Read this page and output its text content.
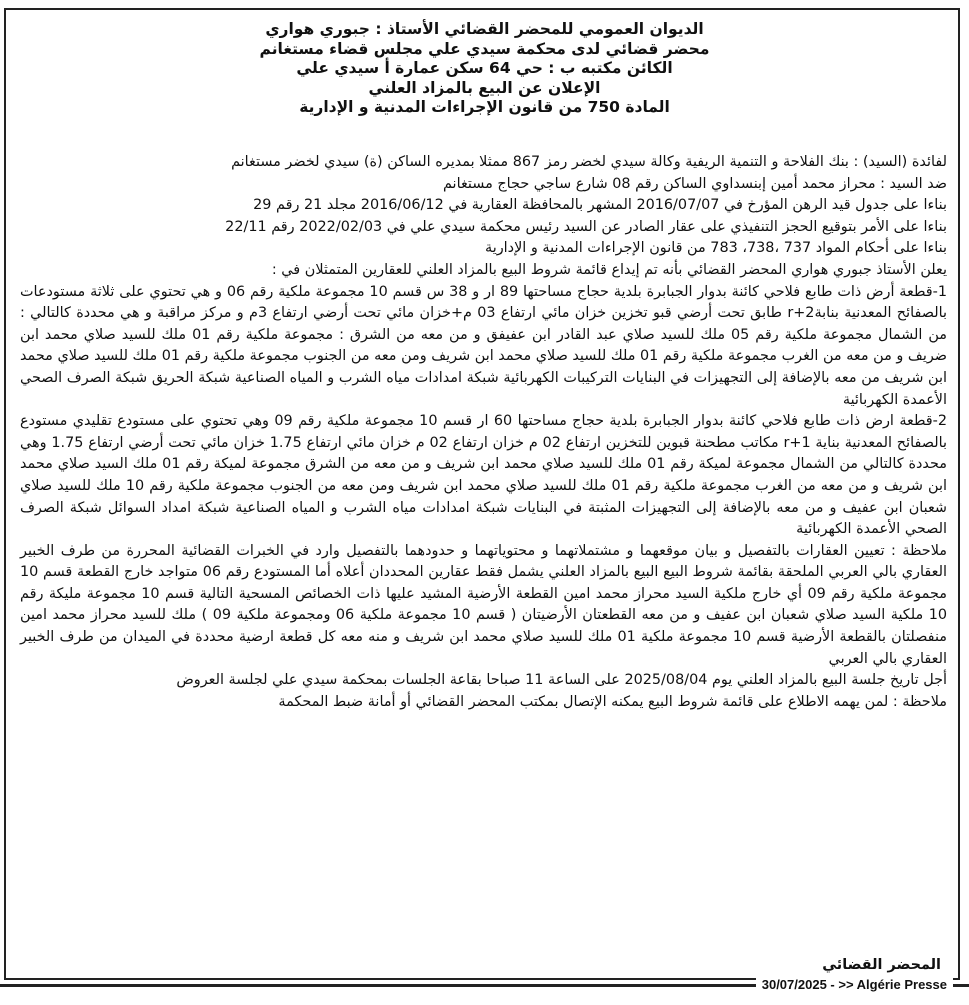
الديوان العمومي للمحضر القضائي الأستاذ : جبوري هواري
محضر قضائي لدى محكمة سيدي علي مجلس قضاء مستغانم
الكائن مكتبه ب : حي 64 سكن عمارة أ سيدي علي
الإعلان عن البيع بالمزاد العلني
المادة 750 من قانون الإجراءات المدنية و الإدارية

لفائدة (السيد) : بنك الفلاحة و التنمية الريفية وكالة سيدي لخضر رمز 867 ممثلا بمديره الساكن (ة) سيدي لخضر مستغانم

ضد السيد : محراز محمد أمين إبنسداوي الساكن رقم 08 شارع ساجي حجاج مستغانم

بناءا على جدول قيد الرهن المؤرخ في 2016/07/07 المشهر بالمحافظة العقارية في 2016/06/12 مجلد 21 رقم 29

بناءا على الأمر بتوقيع الحجز التنفيذي على عقار الصادر عن السيد رئيس محكمة سيدي علي في 2022/02/03 رقم 22/11

بناءا على أحكام المواد 737 ،738، 783 من قانون الإجراءات المدنية و الإدارية

يعلن الأستاذ جبوري هواري المحضر القضائي بأنه تم إيداع قائمة شروط البيع بالمزاد العلني للعقارين المتمثلان في :

1-قطعة أرض ذات طابع فلاحي كائنة بدوار الجبابرة بلدية حجاج مساحتها 89 ار و 38 س قسم 10 مجموعة ملكية رقم 06 و هي تحتوي على ثلاثة مستودعات بالصفائح المعدنية بنابة2+r طابق تحت أرضي قبو تخزين خزان مائي ارتفاع 03 م+خزان مائي تحت أرضي ارتفاع 3م و مركز مراقبة و هي محددة كالتالي : من الشمال مجموعة ملكية رقم 05 ملك للسيد صلاي عبد القادر ابن عفيفق و من معه من الشرق : مجموعة ملكية رقم 01 ملك للسيد صلاي محمد ابن ضريف و من معه من الغرب مجموعة ملكية رقم 01 ملك للسيد صلاي محمد ابن شريف ومن معه من الجنوب مجموعة ملكية رقم 01 ملك للسيد صلاي محمد ابن شريف من معه بالإضافة إلى التجهيزات في البنايات التركيبات الكهربائية شبكة امدادات مياه الشرب و المياه الصناعية شبكة الحريق شبكة الصرف الصحي الأعمدة الكهربائية

2-قطعة ارض ذات طابع فلاحي كائنة بدوار الجبابرة بلدية حجاج مساحتها 60 ار قسم 10 مجموعة ملكية رقم 09 وهي تحتوي على مستودع تقليدي مستودع بالصفائح المعدنية بناية 1+r مكاتب مطحنة قبوين للتخزين ارتفاع 02 م خزان ارتفاع 02 م خزان مائي ارتفاع 1.75 خزان مائي تحت أرضي ارتفاع 1.75 وهي محددة كالتالي من الشمال مجموعة لميكة رقم 01 ملك للسيد صلاي محمد ابن شريف و من معه من الشرق مجموعة لميكة رقم 01 ملك السيد صلاي محمد ابن شريف و من معه من الغرب مجموعة ملكية رقم 01 ملك للسيد صلاي محمد ابن شريف ومن معه من الجنوب مجموعة ملكية رقم 10 ملك للسيد صلاي شعبان ابن عفيف و من معه بالإضافة إلى التجهيزات المثبتة في البنايات شبكة امدادات مياه الشرب و المياه الصناعية شبكة امداد السوائل شبكة الصرف الصحي الأعمدة الكهربائية

ملاحظة : تعيين العقارات بالتفصيل و بيان موقعهما و مشتملاتهما و محتوياتهما و حدودهما بالتفصيل وارد في الخبرات القضائية المحررة من طرف الخبير العقاري بالي العربي الملحقة بقائمة شروط البيع البيع بالمزاد العلني يشمل فقط عقارين المحددان أعلاه أما المستودع رقم 06 متواجد خارج القطعة قسم 10 مجموعة ملكية رقم 09 أي خارج ملكية السيد محراز محمد امين القطعة الأرضية المشيد عليها ذات الخصائص المسحية التالية قسم 10 مجموعة مليكة رقم 10 ملكية السيد صلاي شعبان ابن عفيف و من معه القطعتان الأرضيتان ( قسم 10 مجموعة ملكية 06 ومجموعة ملكية 09 ) ملك للسيد محراز محمد امين منفصلتان بالقطعة الأرضية قسم 10 مجموعة ملكية 01 ملك للسيد صلاي محمد ابن شريف و منه معه كل قطعة ارضية محددة في الميدان من طرف الخبير العقاري بالي العربي

أجل تاريخ جلسة البيع بالمزاد العلني يوم 2025/08/04 على الساعة 11 صباحا بقاعة الجلسات بمحكمة سيدي علي لجلسة العروض

ملاحظة : لمن يهمه الاطلاع على قائمة شروط البيع يمكنه الإتصال بمكتب المحضر القضائي أو أمانة ضبط المحكمة

المحضر القضائي
30/07/2025 - >> Algérie Presse
